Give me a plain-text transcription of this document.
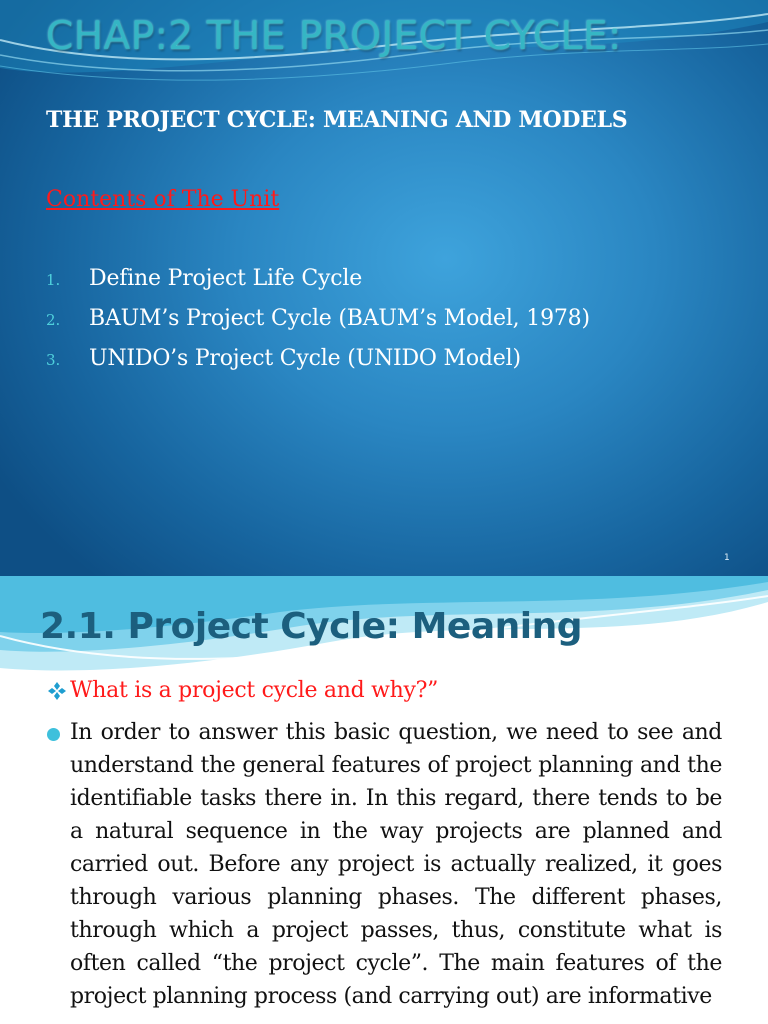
CHAP:2 THE PROJECT CYCLE:
THE PROJECT CYCLE: MEANING AND MODELS
Contents of The Unit
1.	Define Project Life Cycle
2.	BAUM’s Project Cycle (BAUM’s Model, 1978)
3.	UNIDO’s Project Cycle (UNIDO Model)
1
2.1. Project Cycle: Meaning
What is a project cycle and why?”

In order to answer this basic question, we need to see and understand the general features of project planning and the identifiable tasks there in. In this regard, there tends to be a natural sequence in the way projects are planned and carried out. Before any project is actually realized, it goes through various planning phases. The different phases, through which a project passes, thus, constitute what is often called “the project cycle”. The main features of the project planning process (and carrying out) are informative
